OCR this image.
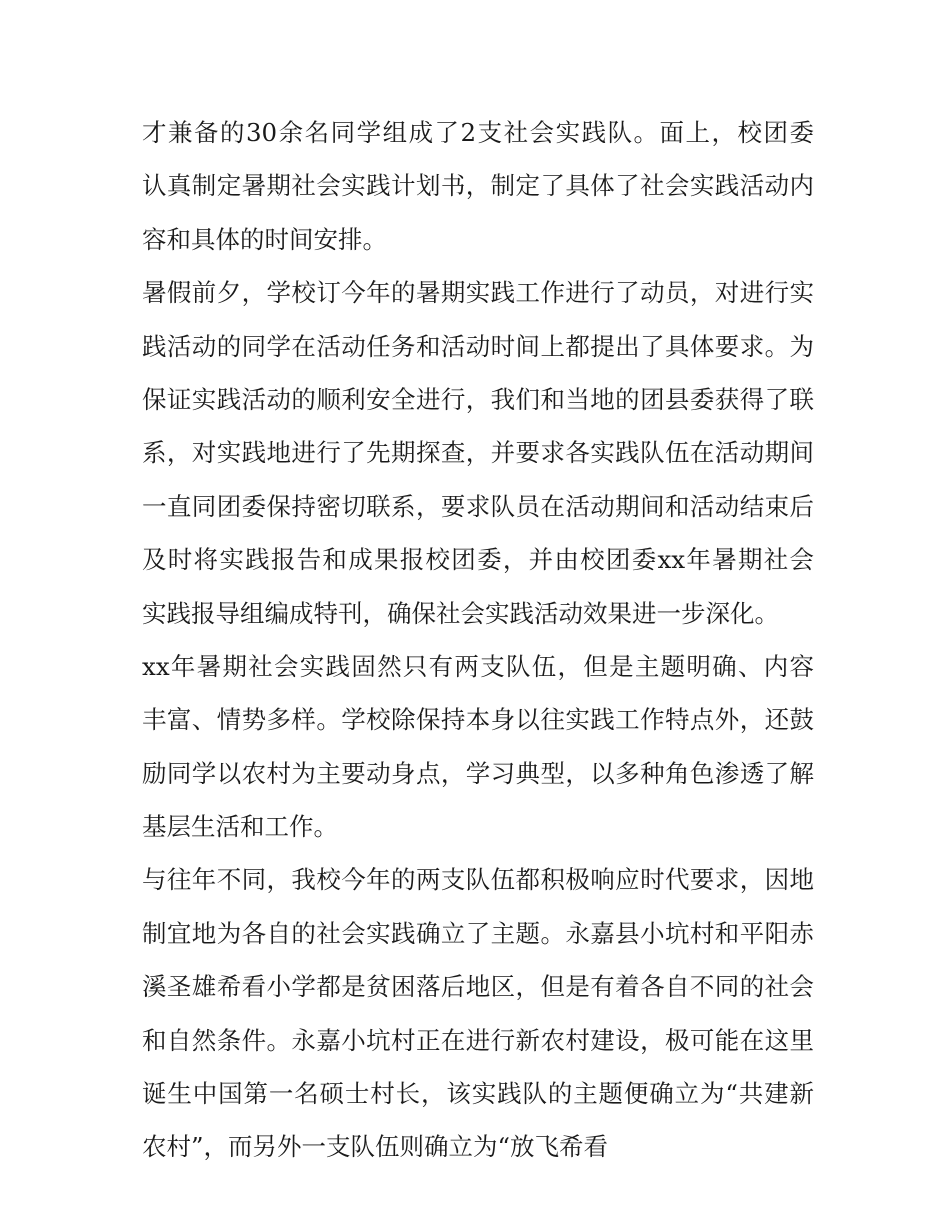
才兼备的30余名同学组成了2支社会实践队。面上，校团委
认真制定暑期社会实践计划书，制定了具体了社会实践活动内
容和具体的时间安排。
暑假前夕，学校订今年的暑期实践工作进行了动员，对进行实
践活动的同学在活动任务和活动时间上都提出了具体要求。为
保证实践活动的顺利安全进行，我们和当地的团县委获得了联
系，对实践地进行了先期探查，并要求各实践队伍在活动期间
一直同团委保持密切联系，要求队员在活动期间和活动结束后
及时将实践报告和成果报校团委，并由校团委xx年暑期社会
实践报导组编成特刊，确保社会实践活动效果进一步深化。
xx年暑期社会实践固然只有两支队伍，但是主题明确、内容
丰富、情势多样。学校除保持本身以往实践工作特点外，还鼓
励同学以农村为主要动身点，学习典型，以多种角色渗透了解
基层生活和工作。
与往年不同，我校今年的两支队伍都积极响应时代要求，因地
制宜地为各自的社会实践确立了主题。永嘉县小坑村和平阳赤
溪圣雄希看小学都是贫困落后地区，但是有着各自不同的社会
和自然条件。永嘉小坑村正在进行新农村建设，极可能在这里
诞生中国第一名硕士村长，该实践队的主题便确立为“共建新
农村”，而另外一支队伍则确立为“放飞希看
